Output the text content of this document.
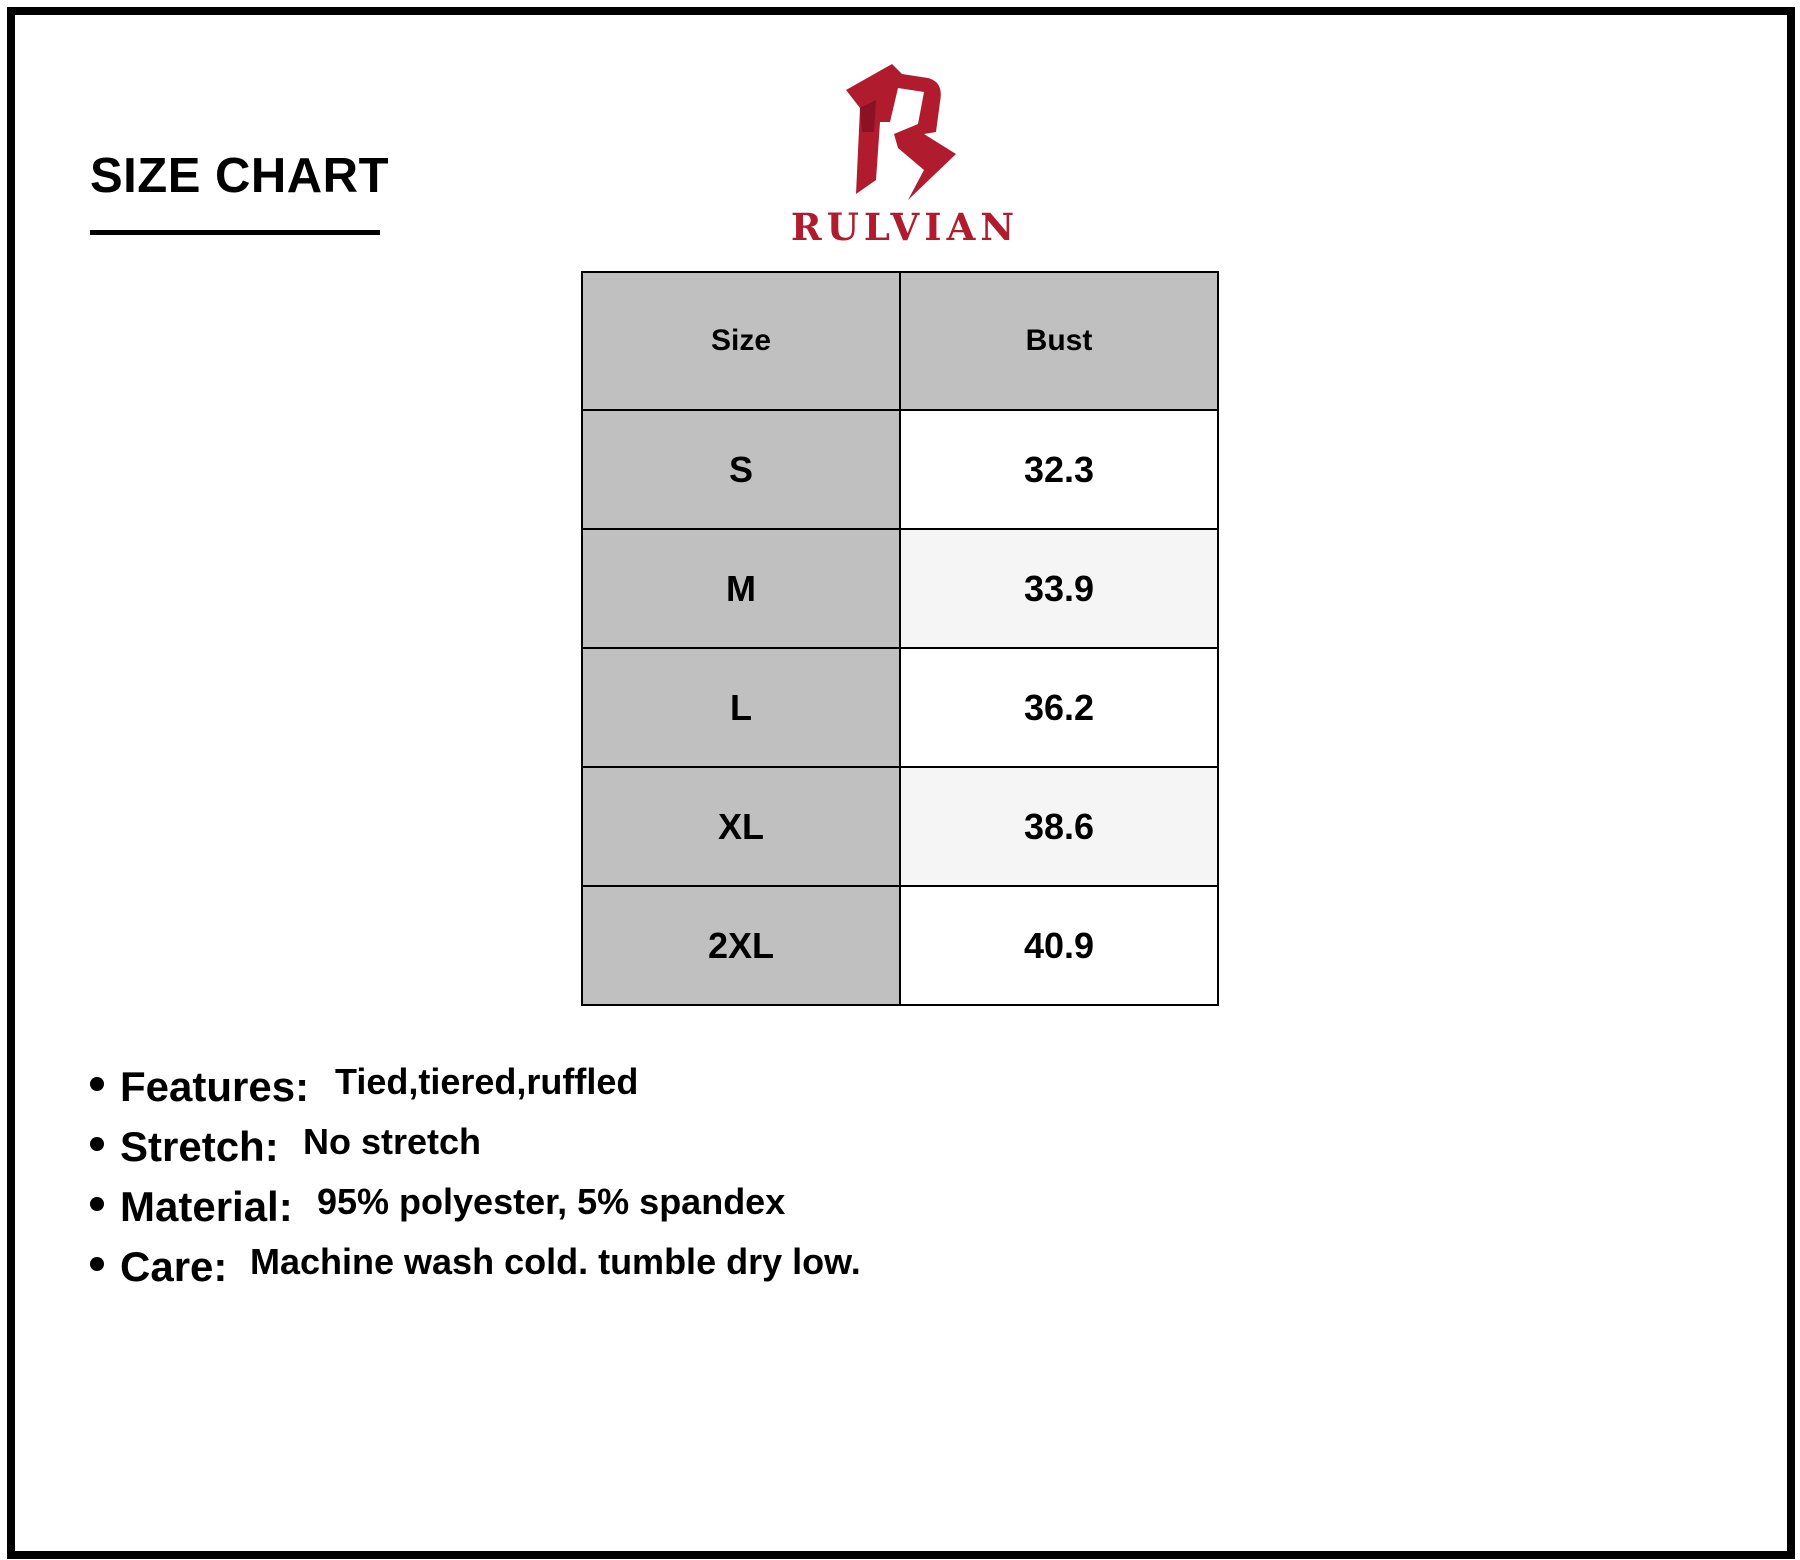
SIZE CHART
RULVIAN
Size	Bust
S	32.3
M	33.9
L	36.2
XL	38.6
2XL	40.9
Features: Tied,tiered,ruffled
Stretch: No stretch
Material: 95% polyester, 5% spandex
Care: Machine wash cold. tumble dry low.
